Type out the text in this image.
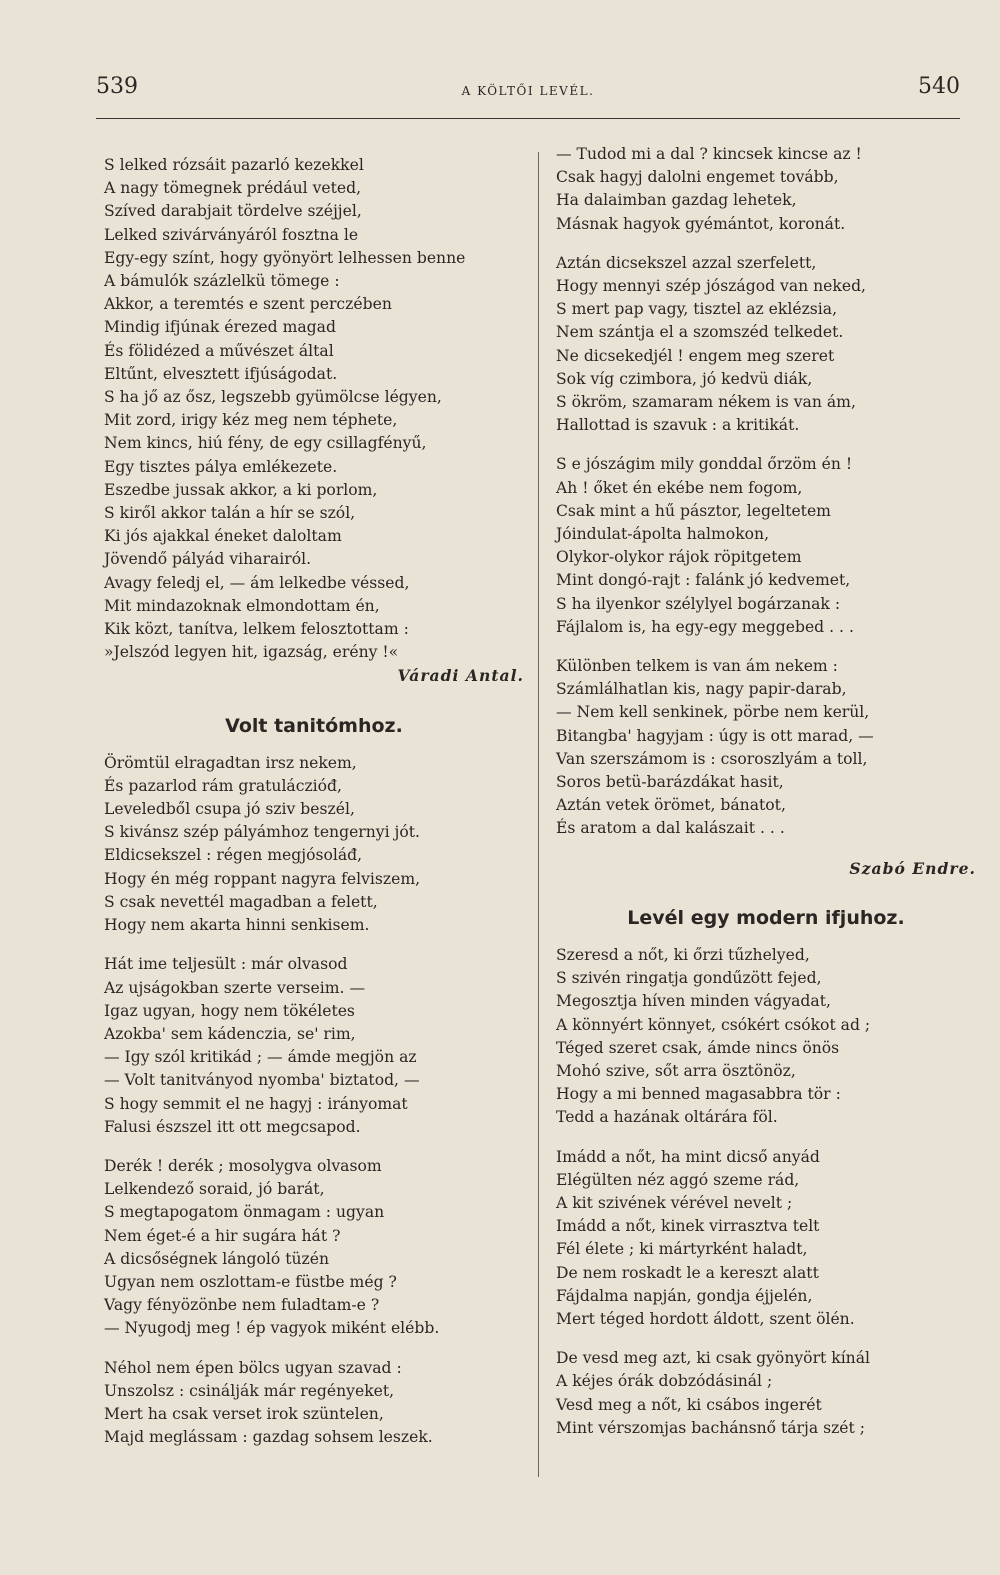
539	A KÖLTŐI LEVÉL.	540
S lelked rózsáit pazarló kezekkel
A nagy tömegnek prédául veted,
Szíved darabjait tördelve széjjel,
Lelked szivárványáról fosztna le
Egy-egy színt, hogy gyönyört lelhessen benne
A bámulók százlelkü tömege :
Akkor, a teremtés e szent perczében
Mindig ifjúnak érezed magad
És fölidézed a művészet által
Eltűnt, elvesztett ifjúságodat.
S ha jő az ősz, legszebb gyümölcse légyen,
Mit zord, irigy kéz meg nem téphete,
Nem kincs, hiú fény, de egy csillagfényű,
Egy tisztes pálya emlékezete.
Eszedbe jussak akkor, a ki porlom,
S kiről akkor talán a hír se szól,
Ki jós ajakkal éneket daloltam
Jövendő pályád viharairól.
Avagy feledj el, — ám lelkedbe véssed,
Mit mindazoknak elmondottam én,
Kik közt, tanítva, lelkem felosztottam :
»Jelszód legyen hit, igazság, erény !«
Váradi Antal.
Volt tanitómhoz.
Örömtül elragadtan irsz nekem,
És pazarlod rám gratuláczióđ,
Leveledből csupa jó sziv beszél,
S kivánsz szép pályámhoz tengernyi jót.
Eldicsekszel : régen megjósoláđ,
Hogy én még roppant nagyra felviszem,
S csak nevettél magadban a felett,
Hogy nem akarta hinni senkisem.
Hát ime teljesült : már olvasod
Az ujságokban szerte verseim. —
Igaz ugyan, hogy nem tökéletes
Azokba' sem kádenczia, se' rim,
— Igy szól kritikád ; — ámde megjön az
— Volt tanitványod nyomba' biztatod, —
S hogy semmit el ne hagyj : irányomat
Falusi észszel itt ott megcsapod.
Derék ! derék ; mosolygva olvasom
Lelkendező soraid, jó barát,
S megtapogatom önmagam : ugyan
Nem éget-é a hir sugára hát ?
A dicsőségnek lángoló tüzén
Ugyan nem oszlottam-e füstbe még ?
Vagy fényözönbe nem fuladtam-e ?
— Nyugodj meg ! ép vagyok miként elébb.
Néhol nem épen bölcs ugyan szavad :
Unszolsz : csinálják már regényeket,
Mert ha csak verset irok szüntelen,
Majd meglássam : gazdag sohsem leszek.
— Tudod mi a dal ? kincsek kincse az !
Csak hagyj dalolni engemet tovább,
Ha dalaimban gazdag lehetek,
Másnak hagyok gyémántot, koronát.
Aztán dicsekszel azzal szerfelett,
Hogy mennyi szép jószágod van neked,
S mert pap vagy, tisztel az eklézsia,
Nem szántja el a szomszéd telkedet.
Ne dicsekedjél ! engem meg szeret
Sok víg czimbora, jó kedvü diák,
S ökröm, szamaram nékem is van ám,
Hallottad is szavuk : a kritikát.
S e jószágim mily gonddal őrzöm én !
Ah ! őket én ekébe nem fogom,
Csak mint a hű pásztor, legeltetem
Jóindulat-ápolta halmokon,
Olykor-olykor rájok röpitgetem
Mint dongó-rajt : falánk jó kedvemet,
S ha ilyenkor szélylyel bogárzanak :
Fájlalom is, ha egy-egy meggebed . . .
Különben telkem is van ám nekem :
Számlálhatlan kis, nagy papir-darab,
— Nem kell senkinek, pörbe nem kerül,
Bitangba' hagyjam : úgy is ott marad, —
Van szerszámom is : csoroszlyám a toll,
Soros betü-barázdákat hasit,
Aztán vetek örömet, bánatot,
És aratom a dal kalászait . . .
Szabó Endre.
Levél egy modern ifjuhoz.
Szeresd a nőt, ki őrzi tűzhelyed,
S szivén ringatja gondűzött fejed,
Megosztja híven minden vágyadat,
A könnyért könnyet, csókért csókot ad ;
Téged szeret csak, ámde nincs önös
Mohó szive, sőt arra ösztönöz,
Hogy a mi benned magasabbra tör :
Tedd a hazának oltárára föl.
Imádd a nőt, ha mint dicső anyád
Elégülten néz aggó szeme rád,
A kit szivének vérével nevelt ;
Imádd a nőt, kinek virrasztva telt
Fél élete ; ki mártyrként haladt,
De nem roskadt le a kereszt alatt
Fájdalma napján, gondja éjjelén,
Mert téged hordott áldott, szent ölén.
De vesd meg azt, ki csak gyönyört kínál
A kéjes órák dobzódásinál ;
Vesd meg a nőt, ki csábos ingerét
Mint vérszomjas bachánsnő tárja szét ;
